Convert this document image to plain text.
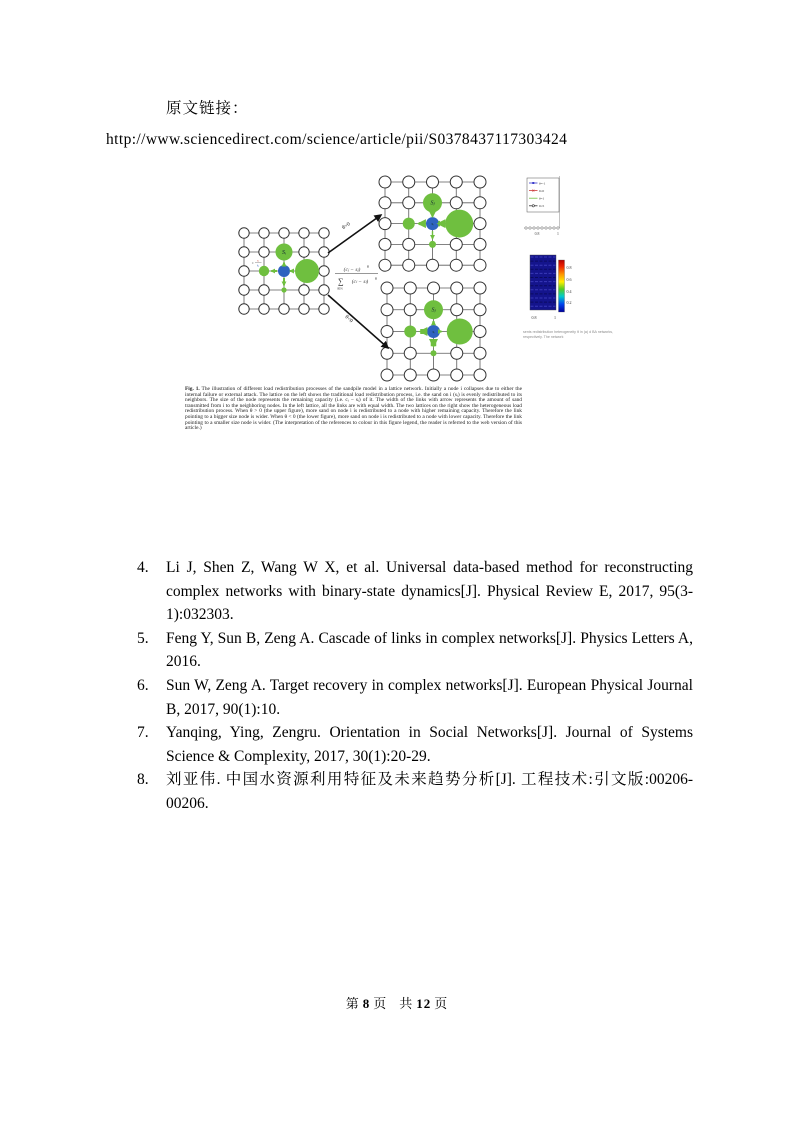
原文链接：
http://www.sciencedirect.com/science/article/pii/S0378437117303424
Sᵢ
∗
sᵢ
kᵢ
Sⱼ
sᵢ
Sⱼ
sᵢ
θ>0
θ<0
(cⱼ − sⱼ) θ
∑
l∈Nᵢ
(cₗ − sₗ) θ
θ=-1
θ=0
θ=1
θ=5
0.8	1
0.8
0.6
0.4
0.2
0.8	1
sents redistribution heterogeneity θ in (a) d BA networks, respectively. The network
Fig. 1. The illustration of different load redistribution processes of the sandpile model in a lattice network. Initially a node i collapses due to either the internal failure or external attack. The lattice on the left shows the traditional load redistribution process, i.e. the sand on i (sᵢ) is evenly redistributed to its neighbors. The size of the node represents the remaining capacity (i.e. cᵢ − sᵢ) of it. The width of the links with arrow represents the amount of sand transmitted from i to the neighboring nodes. In the left lattice, all the links are with equal width. The two lattices on the right show the heterogeneous load redistribution process. When θ > 0 (the upper figure), more sand on node i is redistributed to a node with higher remaining capacity. Therefore the link pointing to a bigger size node is wider. When θ < 0 (the lower figure), more sand on node i is redistributed to a node with lower capacity. Therefore the link pointing to a smaller size node is wider. (The interpretation of the references to colour in this figure legend, the reader is referred to the web version of this article.)
4.	Li J, Shen Z, Wang W X, et al. Universal data-based method for reconstructing complex networks with binary-state dynamics[J]. Physical Review E, 2017, 95(3-1):032303.
5.	Feng Y, Sun B, Zeng A. Cascade of links in complex networks[J]. Physics Letters A, 2016.
6.	Sun W, Zeng A. Target recovery in complex networks[J]. European Physical Journal B, 2017, 90(1):10.
7.	Yanqing, Ying, Zengru. Orientation in Social Networks[J]. Journal of Systems Science & Complexity, 2017, 30(1):20-29.
8.	刘亚伟. 中国水资源利用特征及未来趋势分析[J]. 工程技术:引文版:00206-00206.
第 8 页 共 12 页
